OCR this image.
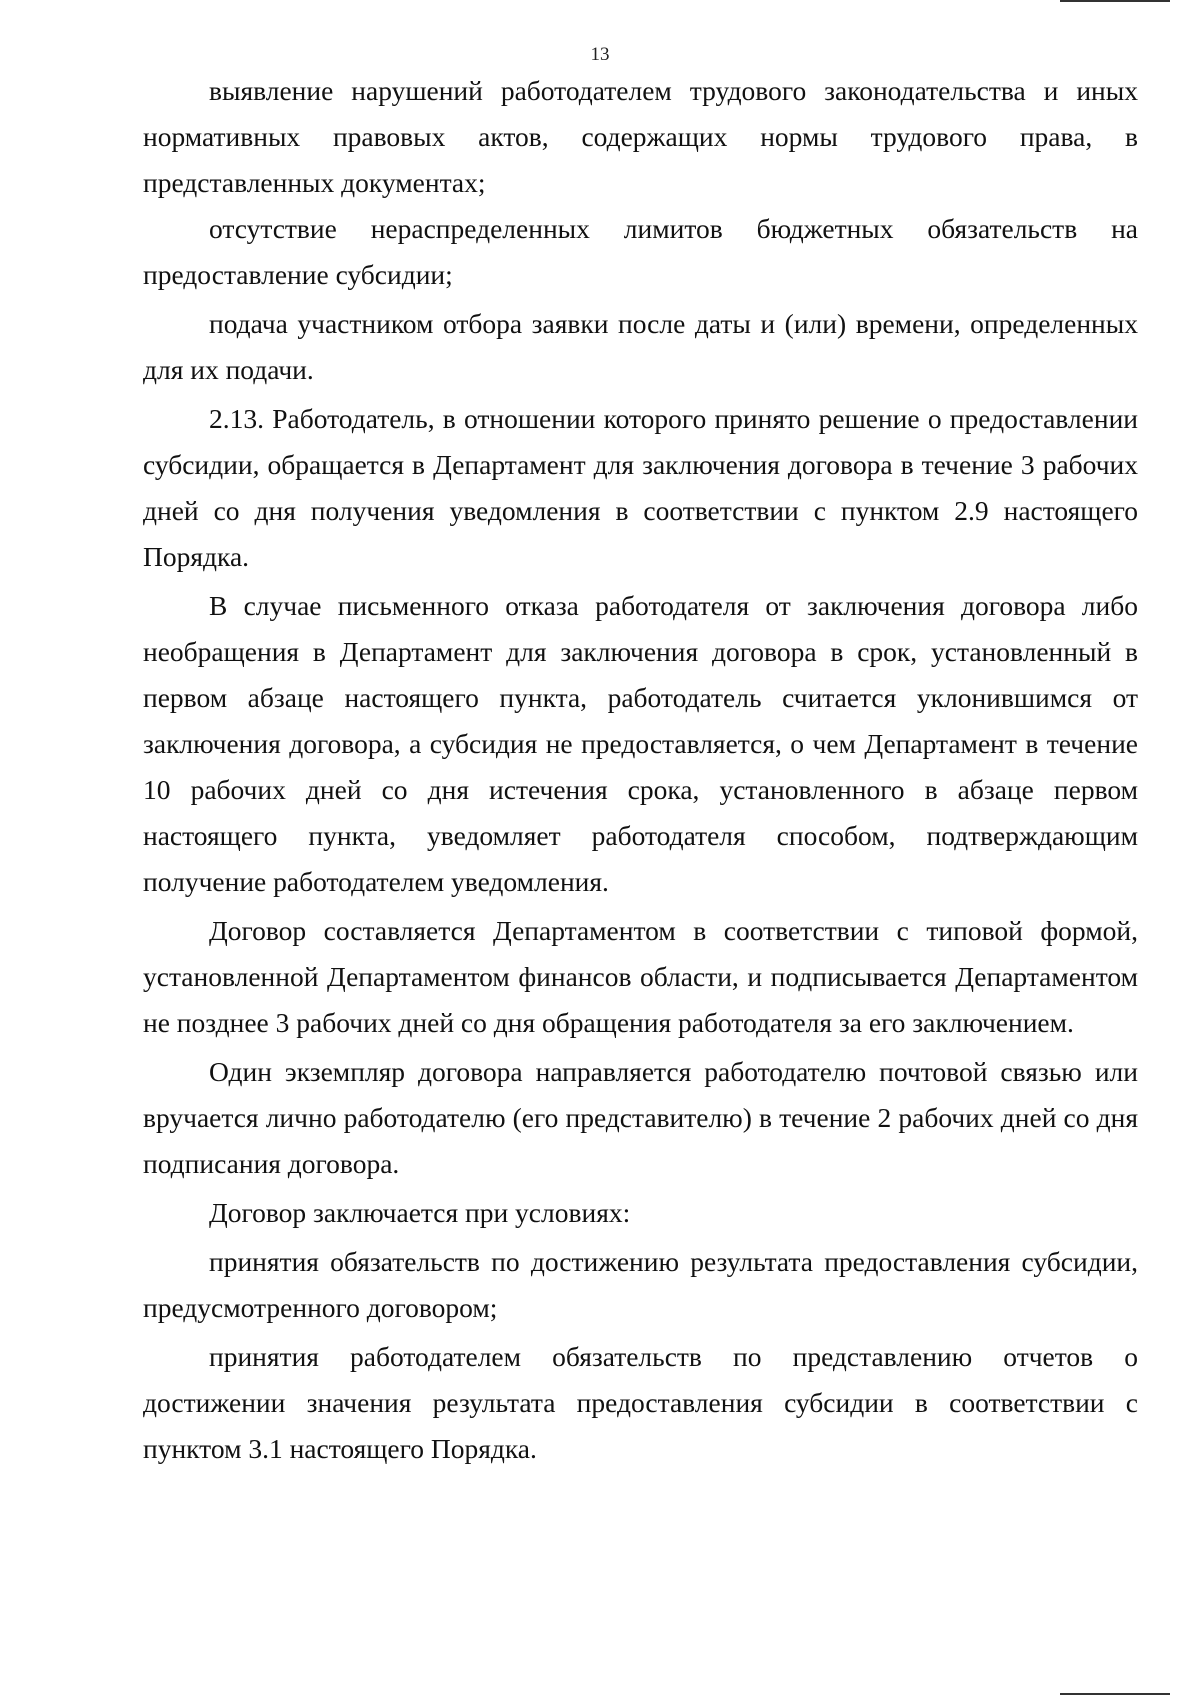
13

выявление нарушений работодателем трудового законодательства и иных нормативных правовых актов, содержащих нормы трудового права, в представленных документах;

отсутствие нераспределенных лимитов бюджетных обязательств на предоставление субсидии;

подача участником отбора заявки после даты и (или) времени, определенных для их подачи.

2.13. Работодатель, в отношении которого принято решение о предоставлении субсидии, обращается в Департамент для заключения договора в течение 3 рабочих дней со дня получения уведомления в соответствии с пунктом 2.9 настоящего Порядка.

В случае письменного отказа работодателя от заключения договора либо необращения в Департамент для заключения договора в срок, установленный в первом абзаце настоящего пункта, работодатель считается уклонившимся от заключения договора, а субсидия не предоставляется, о чем Департамент в течение 10 рабочих дней со дня истечения срока, установленного в абзаце первом настоящего пункта, уведомляет работодателя способом, подтверждающим получение работодателем уведомления.

Договор составляется Департаментом в соответствии с типовой формой, установленной Департаментом финансов области, и подписывается Департаментом не позднее 3 рабочих дней со дня обращения работодателя за его заключением.

Один экземпляр договора направляется работодателю почтовой связью или вручается лично работодателю (его представителю) в течение 2 рабочих дней со дня подписания договора.

Договор заключается при условиях:

принятия обязательств по достижению результата предоставления субсидии, предусмотренного договором;

принятия работодателем обязательств по представлению отчетов о достижении значения результата предоставления субсидии в соответствии с пунктом 3.1 настоящего Порядка.
